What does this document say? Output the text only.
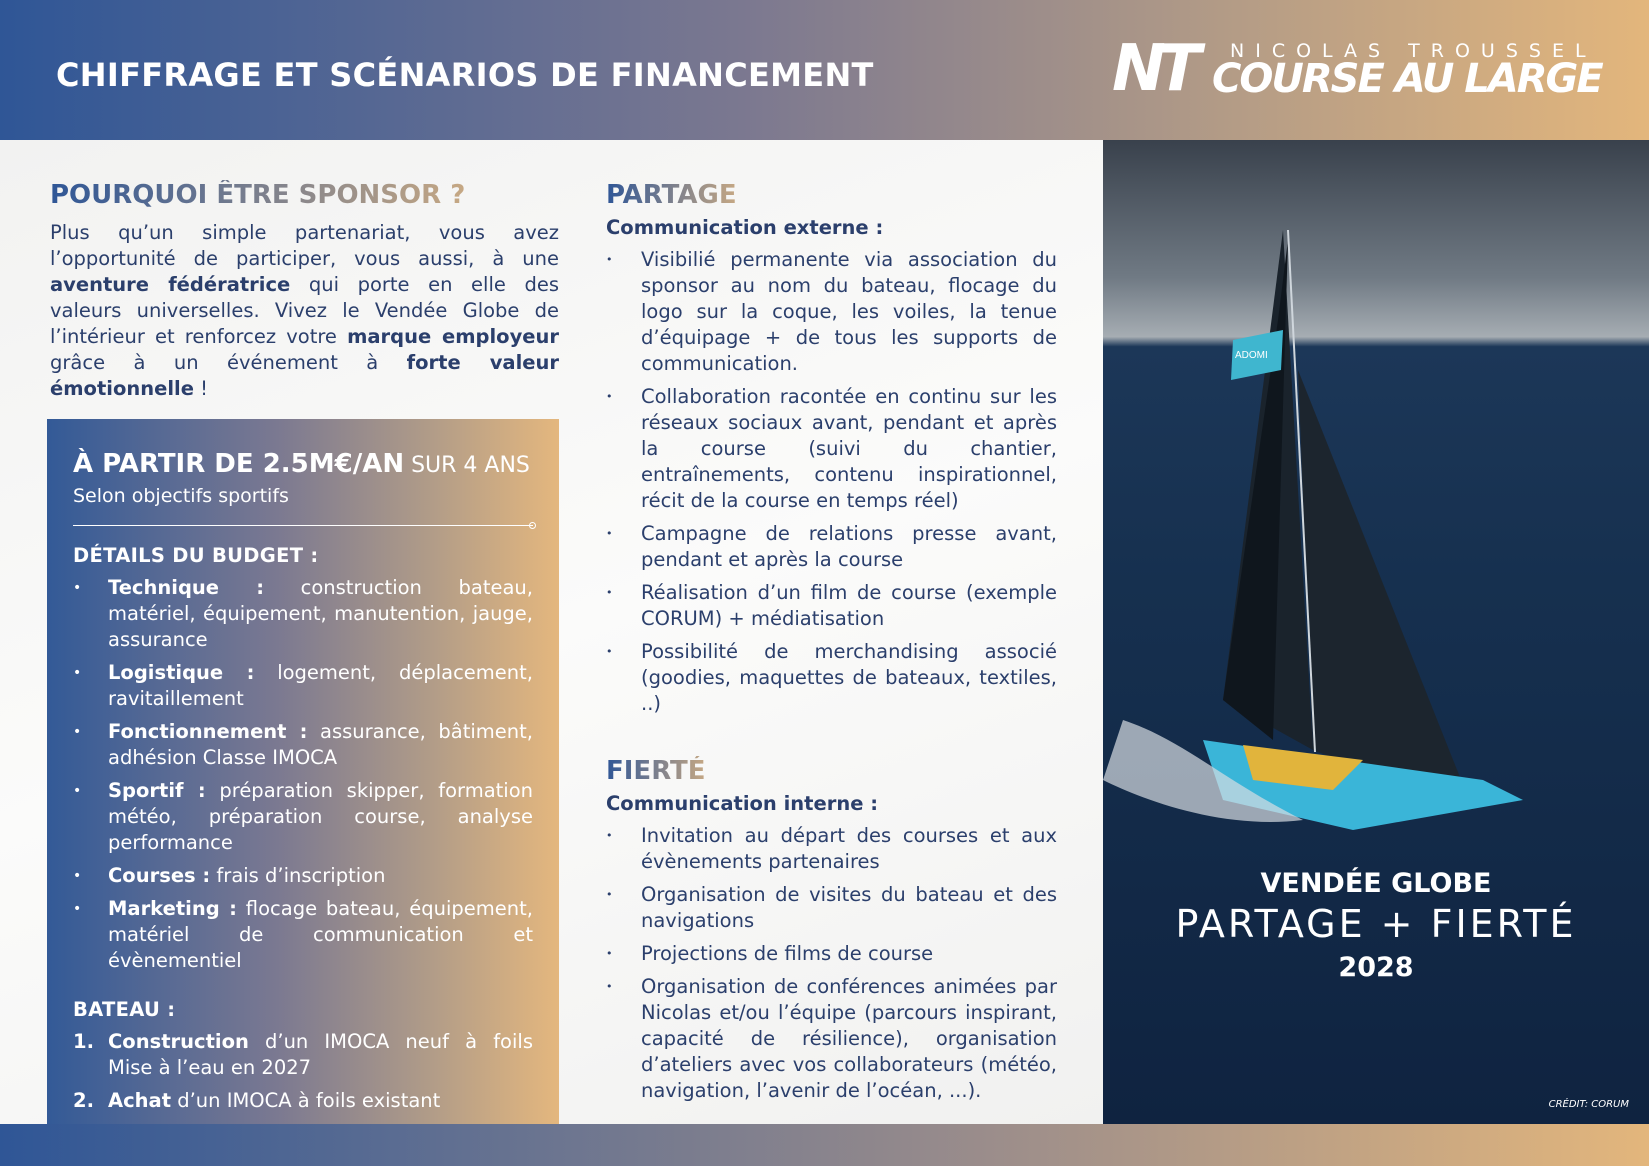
CHIFFRAGE ET SCÉNARIOS DE FINANCEMENT	NT NICOLAS TROUSSEL
COURSE AU LARGE
POURQUOI ÊTRE SPONSOR ?

Plus qu’un simple partenariat, vous avez l’opportunité de participer, vous aussi, à une aventure fédératrice qui porte en elle des valeurs universelles. Vivez le Vendée Globe de l’intérieur et renforcez votre marque employeur grâce à un événement à forte valeur émotionnelle !

À PARTIR DE 2.5M€/AN SUR 4 ANS
Selon objectifs sportifs
DÉTAILS DU BUDGET :
• Technique : construction bateau, matériel, équipement, manutention, jauge, assurance
• Logistique : logement, déplacement, ravitaillement
• Fonctionnement : assurance, bâtiment, adhésion Classe IMOCA
• Sportif : préparation skipper, formation météo, préparation course, analyse performance
• Courses : frais d’inscription
• Marketing : flocage bateau, équipement, matériel de communication et évènementiel
BATEAU :
1. Construction d’un IMOCA neuf à foils Mise à l’eau en 2027
2. Achat d’un IMOCA à foils existant
PARTAGE
Communication externe :
• Visibilié permanente via association du sponsor au nom du bateau, flocage du logo sur la coque, les voiles, la tenue d’équipage + de tous les supports de communication.
• Collaboration racontée en continu sur les réseaux sociaux avant, pendant et après la course (suivi du chantier, entraînements, contenu inspirationnel, récit de la course en temps réel)
• Campagne de relations presse avant, pendant et après la course
• Réalisation d’un film de course (exemple CORUM) + médiatisation
• Possibilité de merchandising associé (goodies, maquettes de bateaux, textiles, ..)
FIERTÉ
Communication interne :
• Invitation au départ des courses et aux évènements partenaires
• Organisation de visites du bateau et des navigations
• Projections de films de course
• Organisation de conférences animées par Nicolas et/ou l’équipe (parcours inspirant, capacité de résilience), organisation d’ateliers avec vos collaborateurs (météo, navigation, l’avenir de l’océan, ...).
ADOMI
VENDÉE GLOBE
PARTAGE + FIERTÉ
2028
CRÉDIT: CORUM
